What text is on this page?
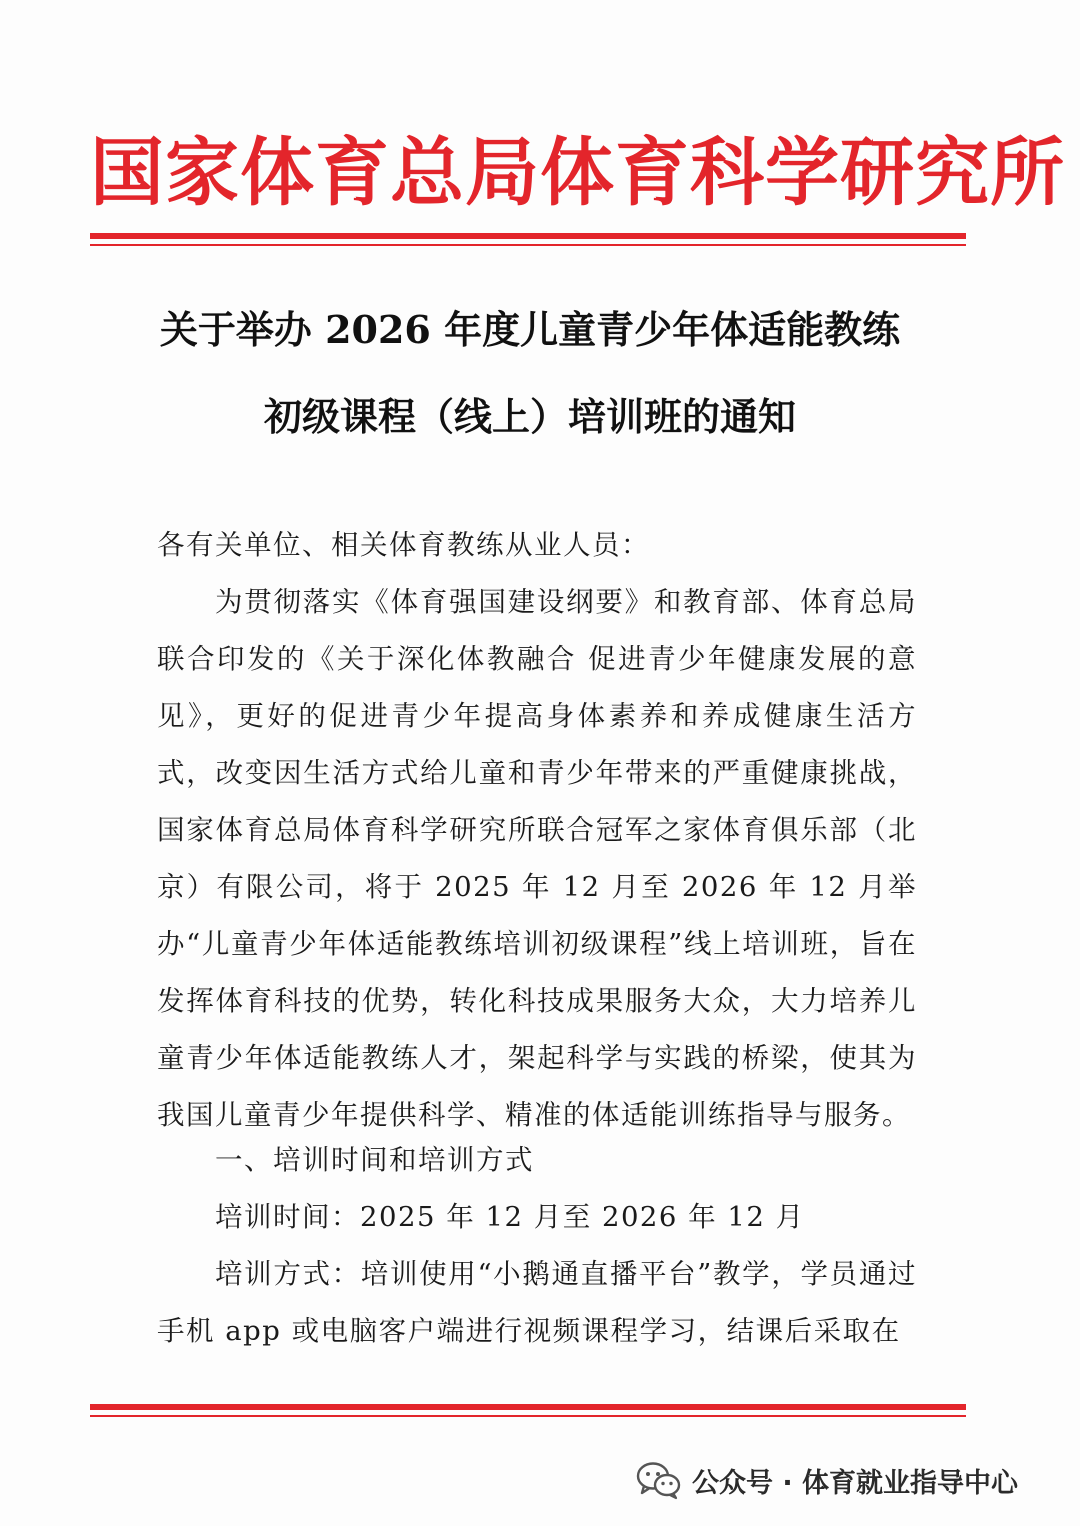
国家体育总局体育科学研究所
关于举办 2026 年度儿童青少年体适能教练
初级课程（线上）培训班的通知
各有关单位、相关体育教练从业人员：
为贯彻落实《体育强国建设纲要》和教育部、体育总局联合印发的《关于深化体教融合 促进青少年健康发展的意见》，更好的促进青少年提高身体素养和养成健康生活方式，改变因生活方式给儿童和青少年带来的严重健康挑战，国家体育总局体育科学研究所联合冠军之家体育俱乐部（北京）有限公司，将于 2025 年 12 月至 2026 年 12 月举办“儿童青少年体适能教练培训初级课程”线上培训班，旨在发挥体育科技的优势，转化科技成果服务大众，大力培养儿童青少年体适能教练人才，架起科学与实践的桥梁，使其为我国儿童青少年提供科学、精准的体适能训练指导与服务。
一、培训时间和培训方式
培训时间：2025 年 12 月至 2026 年 12 月
培训方式：培训使用“小鹅通直播平台”教学，学员通过手机 app 或电脑客户端进行视频课程学习，结课后采取在
公众号 · 体育就业指导中心
